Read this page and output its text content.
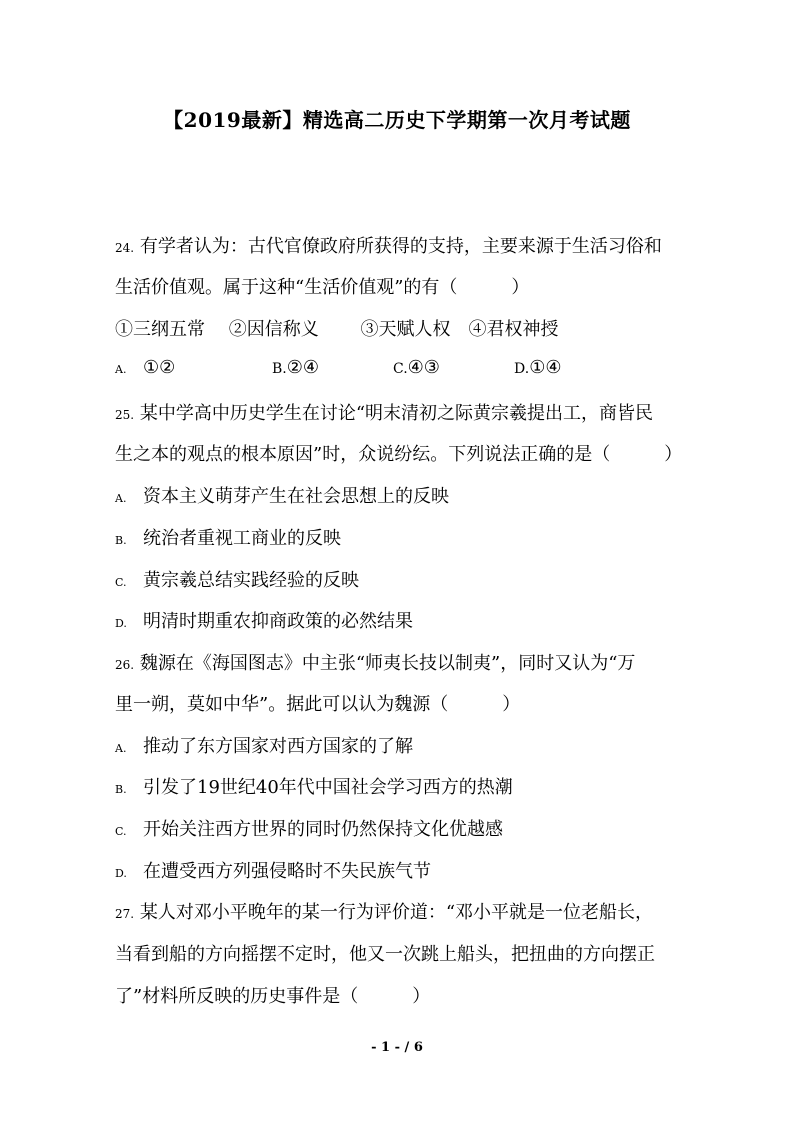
【2019最新】精选高二历史下学期第一次月考试题
24. 有学者认为：古代官僚政府所获得的支持，主要来源于生活习俗和
生活价值观。属于这种“生活价值观”的有（　　　）
①三纲五常　 ②因信称义　　 ③天赋人权　④君权神授
A. ①②	B.②④	C.④③	D.①④
25. 某中学高中历史学生在讨论“明末清初之际黄宗羲提出工，商皆民
生之本的观点的根本原因”时，众说纷纭。下列说法正确的是（　　　）
A. 资本主义萌芽产生在社会思想上的反映
B. 统治者重视工商业的反映
C. 黄宗羲总结实践经验的反映
D. 明清时期重农抑商政策的必然结果
26. 魏源在《海国图志》中主张“师夷长技以制夷”，同时又认为“万
里一朔，莫如中华”。据此可以认为魏源（　　　）
A. 推动了东方国家对西方国家的了解
B. 引发了19世纪40年代中国社会学习西方的热潮
C. 开始关注西方世界的同时仍然保持文化优越感
D. 在遭受西方列强侵略时不失民族气节
27. 某人对邓小平晚年的某一行为评价道：“邓小平就是一位老船长，
当看到船的方向摇摆不定时，他又一次跳上船头，把扭曲的方向摆正
了”材料所反映的历史事件是（　　　）
- 1 - / 6
